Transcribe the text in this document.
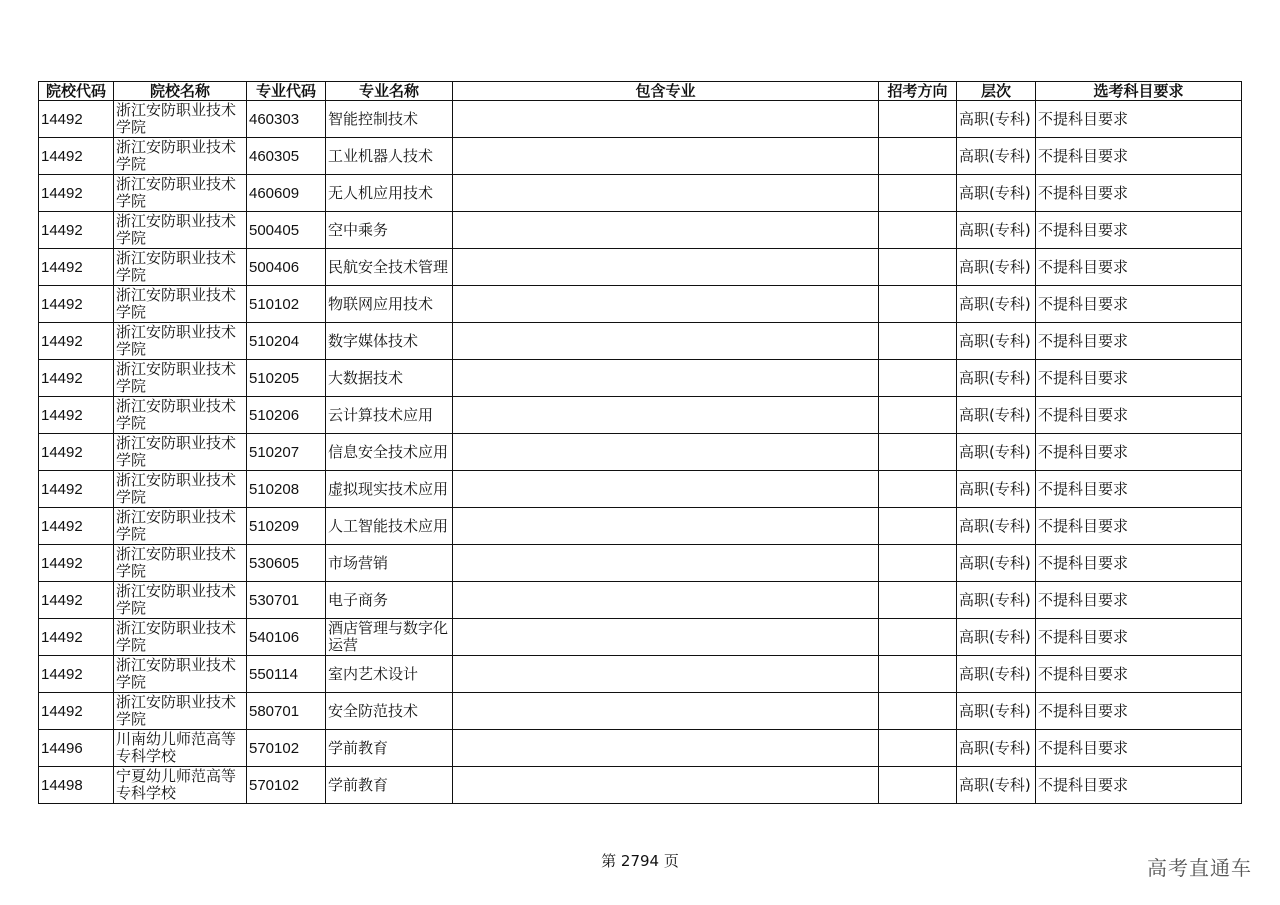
院校代码	院校名称	专业代码	专业名称	包含专业	招考方向	层次	选考科目要求
14492	浙江安防职业技术学院	460303	智能控制技术			高职(专科)	不提科目要求
14492	浙江安防职业技术学院	460305	工业机器人技术			高职(专科)	不提科目要求
14492	浙江安防职业技术学院	460609	无人机应用技术			高职(专科)	不提科目要求
14492	浙江安防职业技术学院	500405	空中乘务			高职(专科)	不提科目要求
14492	浙江安防职业技术学院	500406	民航安全技术管理			高职(专科)	不提科目要求
14492	浙江安防职业技术学院	510102	物联网应用技术			高职(专科)	不提科目要求
14492	浙江安防职业技术学院	510204	数字媒体技术			高职(专科)	不提科目要求
14492	浙江安防职业技术学院	510205	大数据技术			高职(专科)	不提科目要求
14492	浙江安防职业技术学院	510206	云计算技术应用			高职(专科)	不提科目要求
14492	浙江安防职业技术学院	510207	信息安全技术应用			高职(专科)	不提科目要求
14492	浙江安防职业技术学院	510208	虚拟现实技术应用			高职(专科)	不提科目要求
14492	浙江安防职业技术学院	510209	人工智能技术应用			高职(专科)	不提科目要求
14492	浙江安防职业技术学院	530605	市场营销			高职(专科)	不提科目要求
14492	浙江安防职业技术学院	530701	电子商务			高职(专科)	不提科目要求
14492	浙江安防职业技术学院	540106	酒店管理与数字化运营			高职(专科)	不提科目要求
14492	浙江安防职业技术学院	550114	室内艺术设计			高职(专科)	不提科目要求
14492	浙江安防职业技术学院	580701	安全防范技术			高职(专科)	不提科目要求
14496	川南幼儿师范高等专科学校	570102	学前教育			高职(专科)	不提科目要求
14498	宁夏幼儿师范高等专科学校	570102	学前教育			高职(专科)	不提科目要求
第 2794 页	高考直通车
